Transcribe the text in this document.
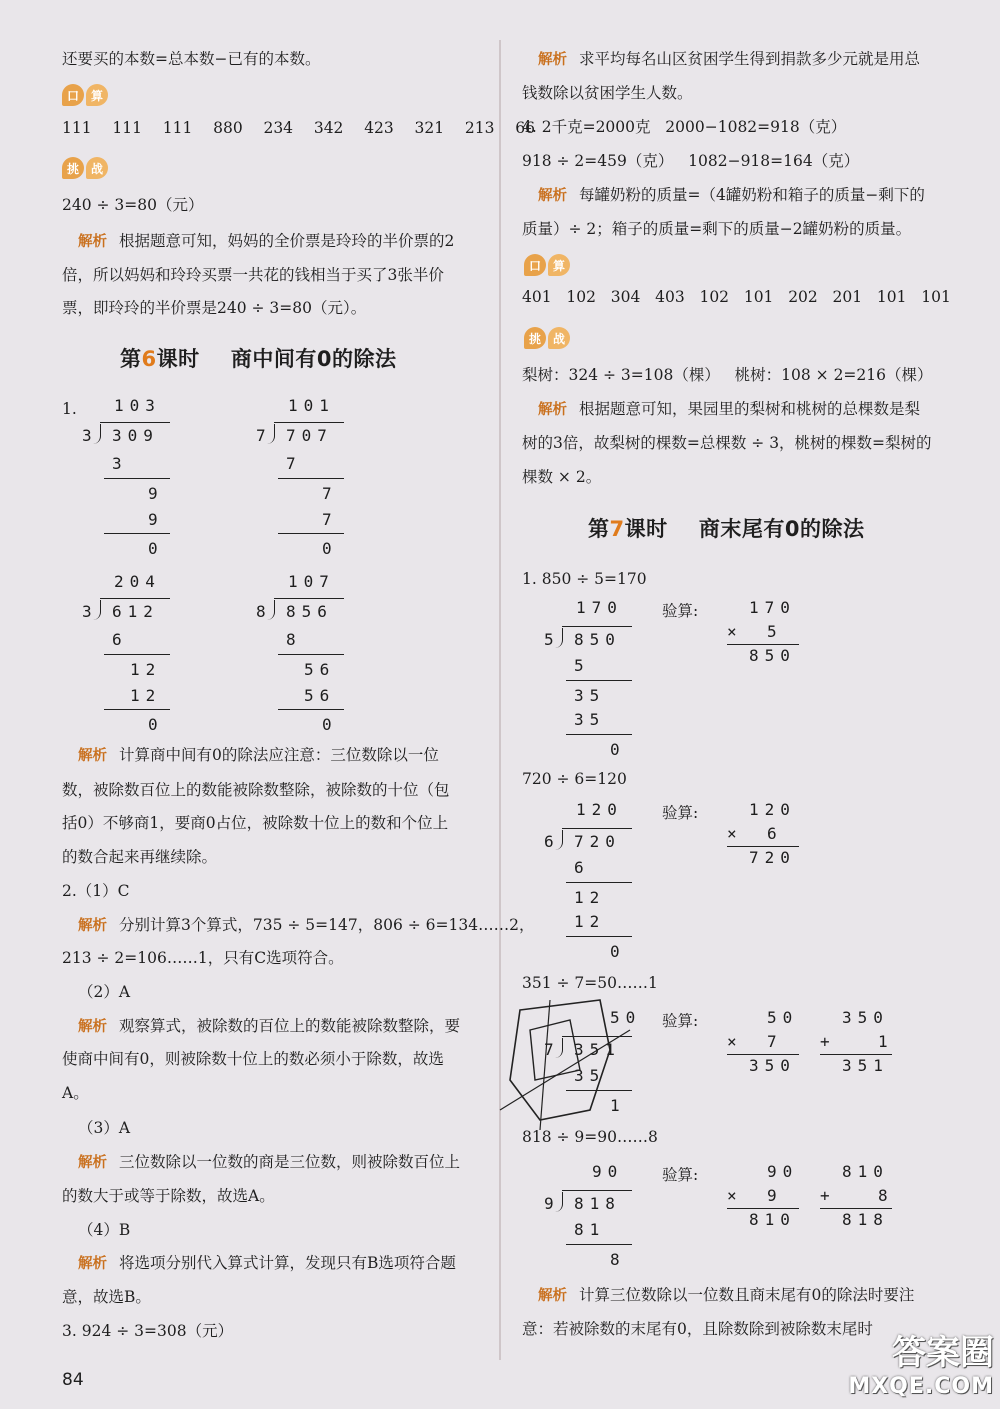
还要买的本数=总本数−已有的本数。
口 算
111   111   111   880   234   342   423   321   213   66
挑 战
240 ÷ 3=80（元）
解析 根据题意可知，妈妈的全价票是玲玲的半价票的2
倍，所以妈妈和玲玲买票一共花的钱相当于买了3张半价
票，即玲玲的半价票是240 ÷ 3=80（元）。
第6课时    商中间有0的除法
1. 103
3 309
3
9
9
0
101
7 707
7
7
7
0
204
3 612
6
12
12
0
107
8 856
8
56
56
0
解析 计算商中间有0的除法应注意：三位数除以一位
数，被除数百位上的数能被除数整除，被除数的十位（包
括0）不够商1，要商0占位，被除数十位上的数和个位上
的数合起来再继续除。
2.（1）C
解析 分别计算3个算式，735 ÷ 5=147，806 ÷ 6=134……2，
213 ÷ 2=106……1，只有C选项符合。
（2）A
解析 观察算式，被除数的百位上的数能被除数整除，要
使商中间有0，则被除数十位上的数必须小于除数，故选
A。
（3）A
解析 三位数除以一位数的商是三位数，则被除数百位上
的数大于或等于除数，故选A。
（4）B
解析 将选项分别代入算式计算，发现只有B选项符合题
意，故选B。
3. 924 ÷ 3=308（元）
解析 求平均每名山区贫困学生得到捐款多少元就是用总
钱数除以贫困学生人数。
4. 2千克=2000克   2000−1082=918（克）
918 ÷ 2=459（克）   1082−918=164（克）
解析 每罐奶粉的质量=（4罐奶粉和箱子的质量−剩下的
质量）÷ 2；箱子的质量=剩下的质量−2罐奶粉的质量。
口 算
401   102   304   403   102   101   202   201   101   101
挑 战
梨树：324 ÷ 3=108（棵）   桃树：108 × 2=216（棵）
解析 根据题意可知，果园里的梨树和桃树的总棵数是梨
树的3倍，故梨树的棵数=总棵数 ÷ 3，桃树的棵数=梨树的
棵数 × 2。
第7课时    商末尾有0的除法
1. 850 ÷ 5=170
170
5 850
5
35
35
0
验算:	170
× 5
850
720 ÷ 6=120
120
6 720
6
12
12
0
验算:	120
× 6
720
351 ÷ 7=50……1
50
7 351
35
1
验算:	50
× 7
350
350
+	1
351
818 ÷ 9=90……8
90
9 818
81
8
验算:	90
× 9
810
810
+	8
818
解析 计算三位数除以一位数且商末尾有0的除法时要注
意：若被除数的末尾有0，且除数除到被除数末尾时
84
答案圈
MXQE.COM
